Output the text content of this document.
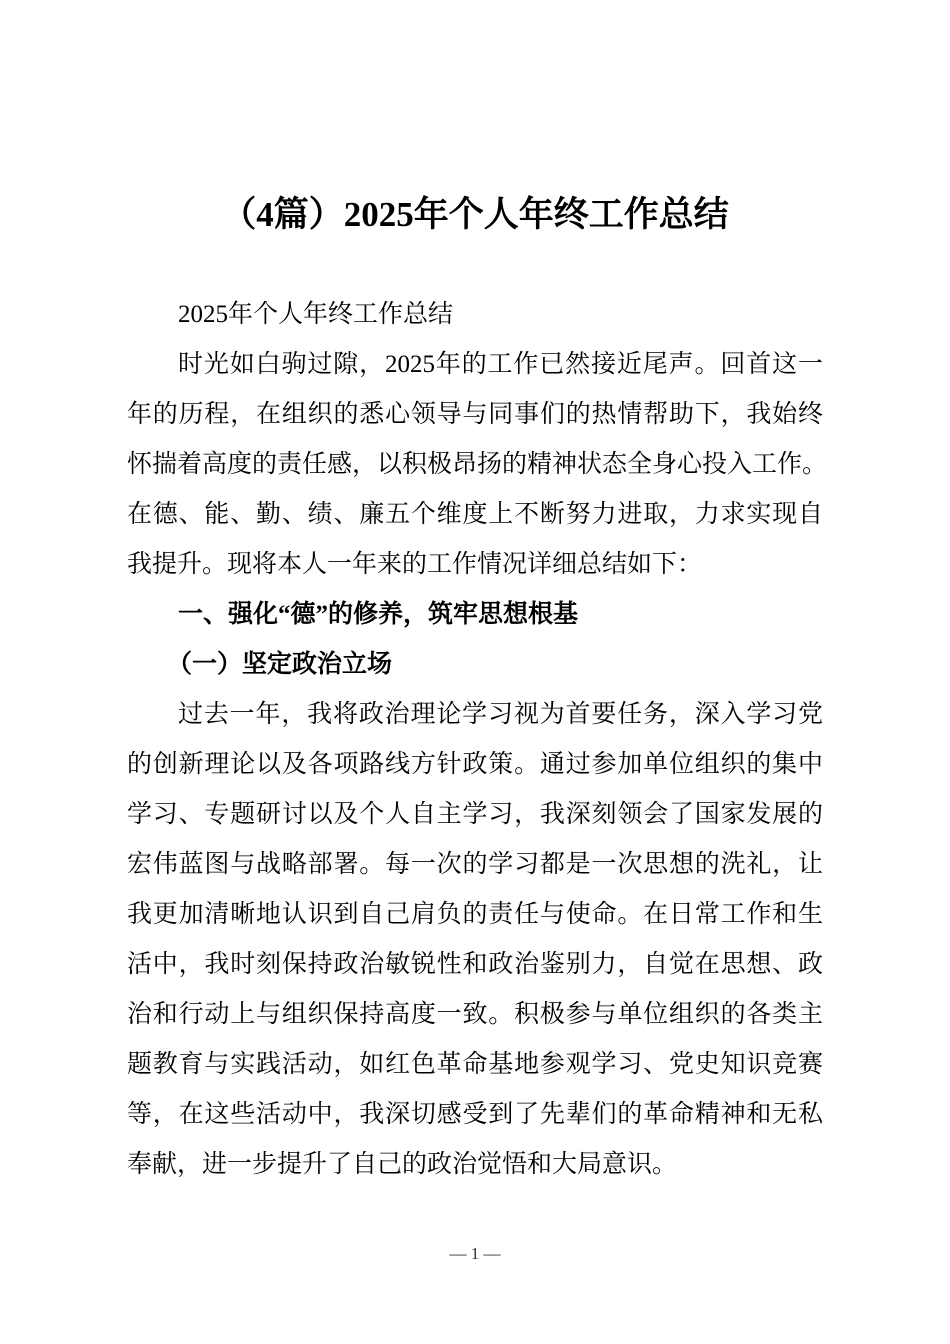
（4篇）2025年个人年终工作总结
2025年个人年终工作总结
时光如白驹过隙，2025年的工作已然接近尾声。回首这一
年的历程，在组织的悉心领导与同事们的热情帮助下，我始终
怀揣着高度的责任感，以积极昂扬的精神状态全身心投入工作。
在德、能、勤、绩、廉五个维度上不断努力进取，力求实现自
我提升。现将本人一年来的工作情况详细总结如下：
一、强化“德”的修养，筑牢思想根基
（一）坚定政治立场
过去一年，我将政治理论学习视为首要任务，深入学习党
的创新理论以及各项路线方针政策。通过参加单位组织的集中
学习、专题研讨以及个人自主学习，我深刻领会了国家发展的
宏伟蓝图与战略部署。每一次的学习都是一次思想的洗礼，让
我更加清晰地认识到自己肩负的责任与使命。在日常工作和生
活中，我时刻保持政治敏锐性和政治鉴别力，自觉在思想、政
治和行动上与组织保持高度一致。积极参与单位组织的各类主
题教育与实践活动，如红色革命基地参观学习、党史知识竞赛
等，在这些活动中，我深切感受到了先辈们的革命精神和无私
奉献，进一步提升了自己的政治觉悟和大局意识。
— 1 —
